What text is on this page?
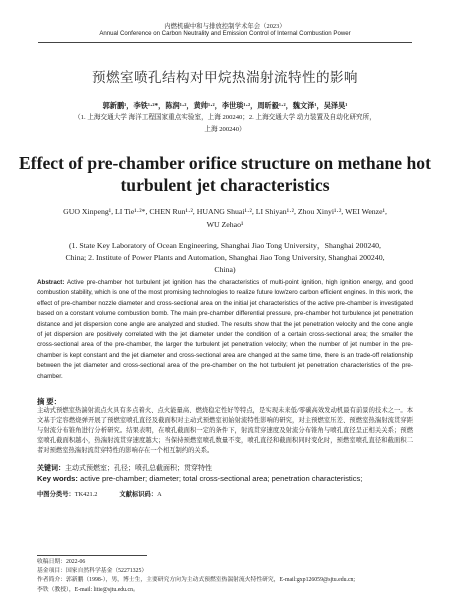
内燃机碳中和与排放控制学术年会（2023）
Annual Conference on Carbon Neutrality and Emission Control of Internal Combustion Power
预燃室喷孔结构对甲烷热湍射流特性的影响
郭新鹏¹，李铁¹·²*，陈润¹·²，黄帅¹·²，李世琰¹·²，周昕毅¹·²，魏文泽¹，吴泽昊¹
（1. 上海交通大学 海洋工程国家重点实验室，上海 200240；2. 上海交通大学 动力装置及自动化研究所，
上海 200240）
Effect of pre-chamber orifice structure on methane hot
turbulent jet characteristics
GUO Xinpeng¹, LI Tie¹·²*, CHEN Run¹·², HUANG Shuai¹·², LI Shiyan¹·², Zhou Xinyi¹·², WEI Wenze¹,
WU Zehao¹
(1. State Key Laboratory of Ocean Engineering, Shanghai Jiao Tong University，Shanghai 200240,
China; 2. Institute of Power Plants and Automation, Shanghai Jiao Tong University, Shanghai 200240,
China)
Abstract: Active pre-chamber hot turbulent jet ignition has the characteristics of multi-point ignition, high ignition energy, and good combustion stability, which is one of the most promising technologies to realize future low/zero carbon efficient engines. In this work, the effect of pre-chamber nozzle diameter and cross-sectional area on the initial jet characteristics of the active pre-chamber is investigated based on a constant volume combustion bomb. The main pre-chamber differential pressure, pre-chamber hot turbulence jet penetration distance and jet dispersion cone angle are analyzed and studied. The results show that the jet penetration velocity and the cone angle of jet dispersion are positively correlated with the jet diameter under the condition of a certain cross-sectional area; the smaller the cross-sectional area of the pre-chamber, the larger the turbulent jet penetration velocity; when the number of jet number in the pre-chamber is kept constant and the jet diameter and cross-sectional area are changed at the same time, there is an trade-off relationship between the jet diameter and cross-sectional area of the pre-chamber on the hot turbulent jet penetration characteristics of the pre-chamber.
摘 要：
主动式预燃室热湍射流点火具有多点着火、点火能量高、燃烧稳定性好等特点，是实现未来低/零碳高效发动机最有前景的技术之一。本文基于定容燃烧弹开展了预燃室喷孔直径及截面积对主动式预燃室初始射流特性影响的研究，对主预燃室压差、预燃室热湍射流贯穿距与射流分布锥角进行分析研究。结果表明，在喷孔截面积一定的条件下，射流贯穿速度及射流分布锥角与喷孔直径呈正相关关系；预燃室喷孔截面积越小，热湍射流贯穿速度越大；当保持预燃室喷孔数量不变，喷孔直径和截面积同时变化时，预燃室喷孔直径和截面积二者对预燃室热湍射流贯穿特性的影响存在一个相互制约的关系。
关键词：主动式预燃室；孔径；喷孔总截面积；贯穿特性
Key words: active pre-chamber; diameter; total cross-sectional area; penetration characteristics;
中图分类号：TK421.2	文献标识码：A
收稿日期：2022-06
基金项目：国家自然科学基金（52271325）
作者简介：郭新鹏（1998-），男，博士生，主要研究方向为主动式预燃室热湍射流火特性研究，E-mail:gxp126059@sjtu.edu.cn;
李铁（教授），E-mail: litie@sjtu.edu.cn。
